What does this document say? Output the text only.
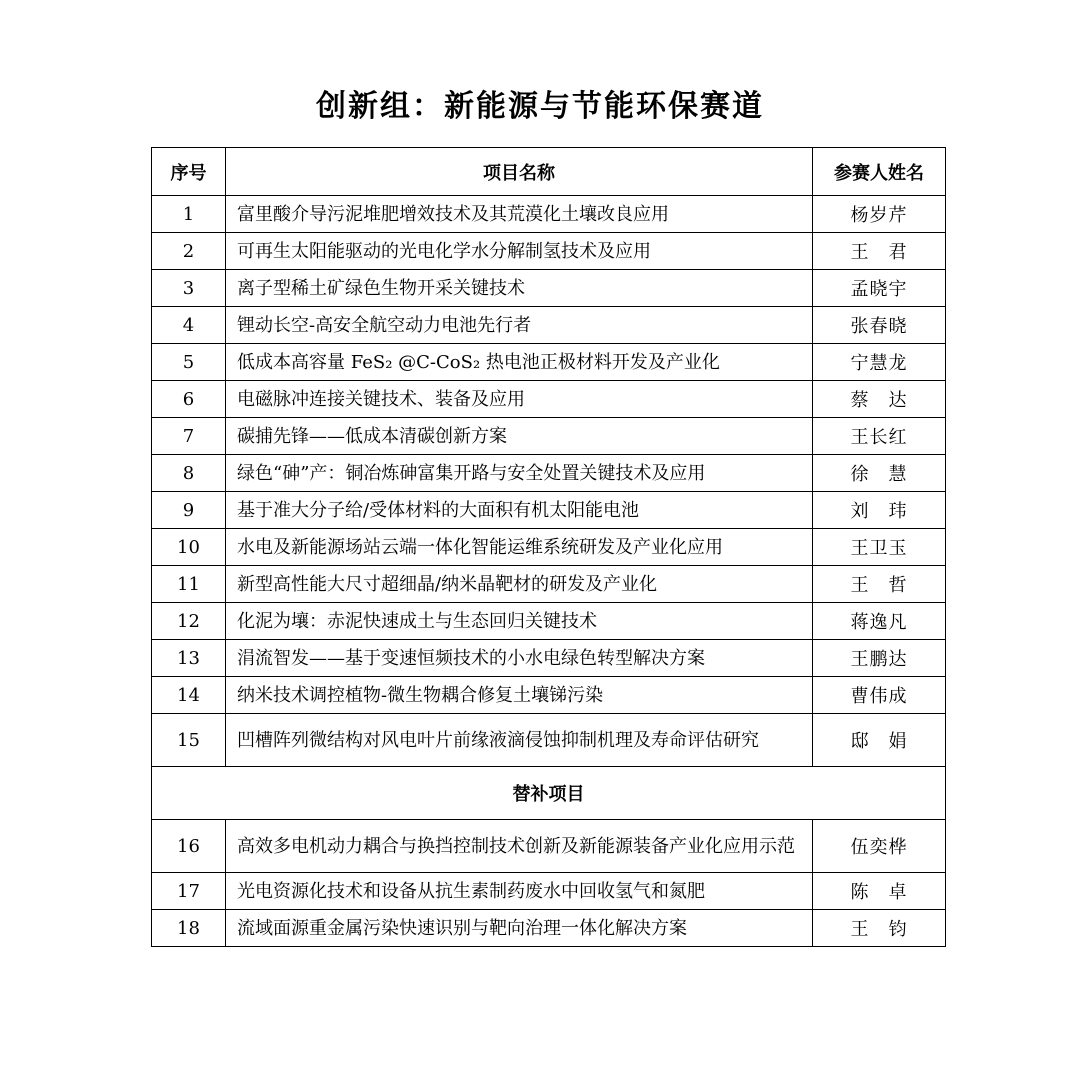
创新组：新能源与节能环保赛道
序号	项目名称	参赛人姓名
1	富里酸介导污泥堆肥增效技术及其荒漠化土壤改良应用	杨岁芹
2	可再生太阳能驱动的光电化学水分解制氢技术及应用	王　君
3	离子型稀土矿绿色生物开采关键技术	孟晓宇
4	锂动长空-高安全航空动力电池先行者	张春晓
5	低成本高容量 FeS₂ @C-CoS₂ 热电池正极材料开发及产业化	宁慧龙
6	电磁脉冲连接关键技术、装备及应用	蔡　达
7	碳捕先锋——低成本清碳创新方案	王长红
8	绿色“砷”产：铜冶炼砷富集开路与安全处置关键技术及应用	徐　慧
9	基于准大分子给/受体材料的大面积有机太阳能电池	刘　玮
10	水电及新能源场站云端一体化智能运维系统研发及产业化应用	王卫玉
11	新型高性能大尺寸超细晶/纳米晶靶材的研发及产业化	王　哲
12	化泥为壤：赤泥快速成土与生态回归关键技术	蒋逸凡
13	涓流智发——基于变速恒频技术的小水电绿色转型解决方案	王鹏达
14	纳米技术调控植物-微生物耦合修复土壤锑污染	曹伟成
15	凹槽阵列微结构对风电叶片前缘液滴侵蚀抑制机理及寿命评估研究	邸　娟
替补项目		
16	高效多电机动力耦合与换挡控制技术创新及新能源装备产业化应用示范	伍奕桦
17	光电资源化技术和设备从抗生素制药废水中回收氢气和氮肥	陈　卓
18	流域面源重金属污染快速识别与靶向治理一体化解决方案	王　钧
